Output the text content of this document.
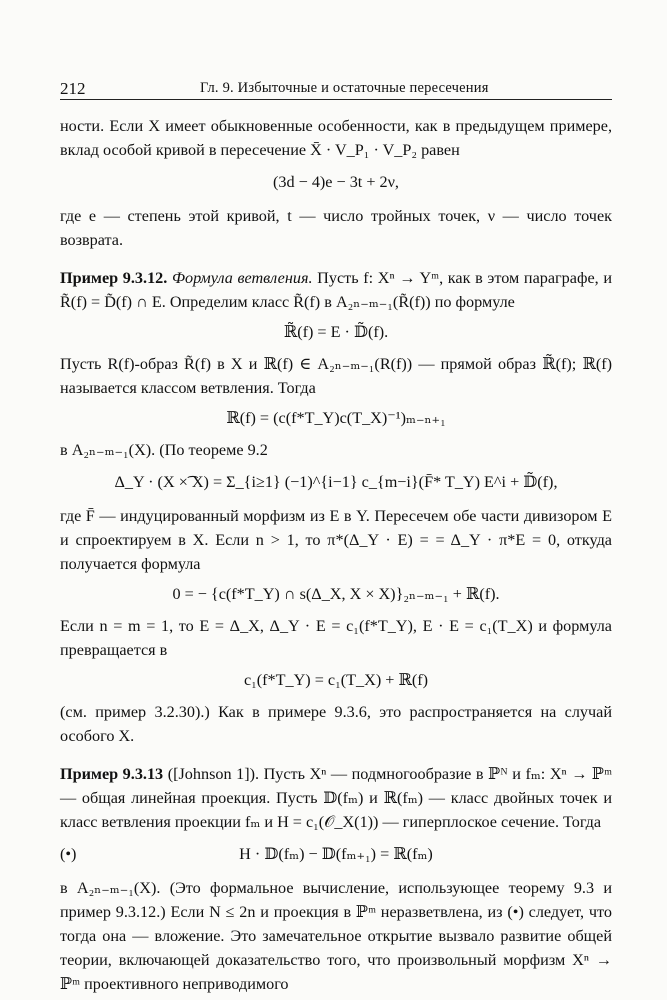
212	Гл. 9. Избыточные и остаточные пересечения

ности. Если X имеет обыкновенные особенности, как в предыдущем примере, вклад особой кривой в пересечение X̄ · V_P₁ · V_P₂ равен

(3d − 4)e − 3t + 2ν,

где e — степень этой кривой, t — число тройных точек, ν — число точек возврата.

Пример 9.3.12. Формула ветвления. Пусть f: Xⁿ → Yᵐ, как в этом параграфе, и R̃(f) = D̃(f) ∩ E. Определим класс R̃(f) в A₂ₙ₋ₘ₋₁(R̃(f)) по формуле

ℝ̃(f) = E · 𝔻̃(f).

Пусть R(f)-образ R̃(f) в X и ℝ(f) ∈ A₂ₙ₋ₘ₋₁(R(f)) — прямой образ ℝ̃(f); ℝ(f) называется классом ветвления. Тогда

ℝ(f) = (c(f*T_Y)c(T_X)⁻¹)ₘ₋ₙ₊₁

в A₂ₙ₋ₘ₋₁(X). (По теореме 9.2

Δ_Y · (X ×͡ X) = Σ_{i≥1} (−1)^{i−1} c_{m−i}(F̄* T_Y) E^i + 𝔻̃(f),

где F̄ — индуцированный морфизм из E в Y. Пересечем обе части дивизором E и спроектируем в X. Если n > 1, то π*(Δ_Y · E) = = Δ_Y · π*E = 0, откуда получается формула

0 = − {c(f*T_Y) ∩ s(Δ_X, X × X)}₂ₙ₋ₘ₋₁ + ℝ(f).

Если n = m = 1, то E = Δ_X, Δ_Y · E = c₁(f*T_Y), E · E = c₁(T_X) и формула превращается в

c₁(f*T_Y) = c₁(T_X) + ℝ(f)

(см. пример 3.2.30).) Как в примере 9.3.6, это распространяется на случай особого X.

Пример 9.3.13 ([Johnson 1]). Пусть Xⁿ — подмногообразие в ℙᴺ и fₘ: Xⁿ → ℙᵐ — общая линейная проекция. Пусть 𝔻(fₘ) и ℝ(fₘ) — класс двойных точек и класс ветвления проекции fₘ и H = c₁(𝒪_X(1)) — гиперплоское сечение. Тогда

(•)	H · 𝔻(fₘ) − 𝔻(fₘ₊₁) = ℝ(fₘ)

в A₂ₙ₋ₘ₋₁(X). (Это формальное вычисление, использующее теорему 9.3 и пример 9.3.12.) Если N ≤ 2n и проекция в ℙᵐ неразветвлена, из (•) следует, что тогда она — вложение. Это замечательное открытие вызвало развитие общей теории, включающей доказательство того, что произвольный морфизм Xⁿ → ℙᵐ проективного неприводимого
